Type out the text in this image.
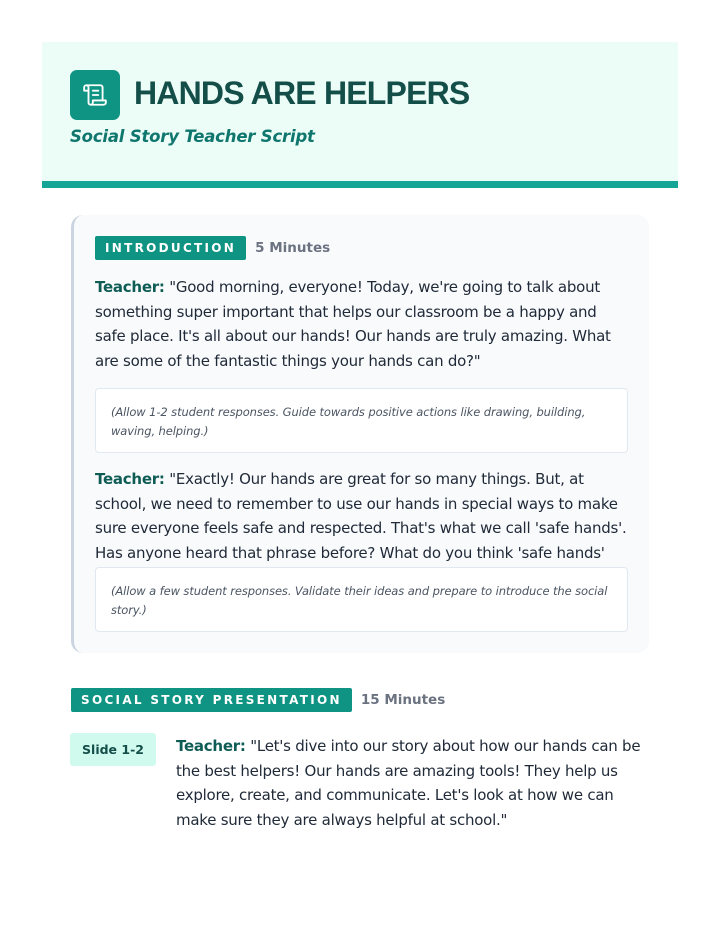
HANDS ARE HELPERS
Social Story Teacher Script
INTRODUCTION	5 Minutes

Teacher: "Good morning, everyone! Today, we're going to talk about something super important that helps our classroom be a happy and safe place. It's all about our hands! Our hands are truly amazing. What are some of the fantastic things your hands can do?"

(Allow 1-2 student responses. Guide towards positive actions like drawing, building, waving, helping.)

Teacher: "Exactly! Our hands are great for so many things. But, at school, we need to remember to use our hands in special ways to make sure everyone feels safe and respected. That's what we call 'safe hands'. Has anyone heard that phrase before? What do you think 'safe hands'

(Allow a few student responses. Validate their ideas and prepare to introduce the social story.)
SOCIAL STORY PRESENTATION	15 Minutes
Slide 1-2	Teacher: "Let's dive into our story about how our hands can be the best helpers! Our hands are amazing tools! They help us explore, create, and communicate. Let's look at how we can make sure they are always helpful at school."
